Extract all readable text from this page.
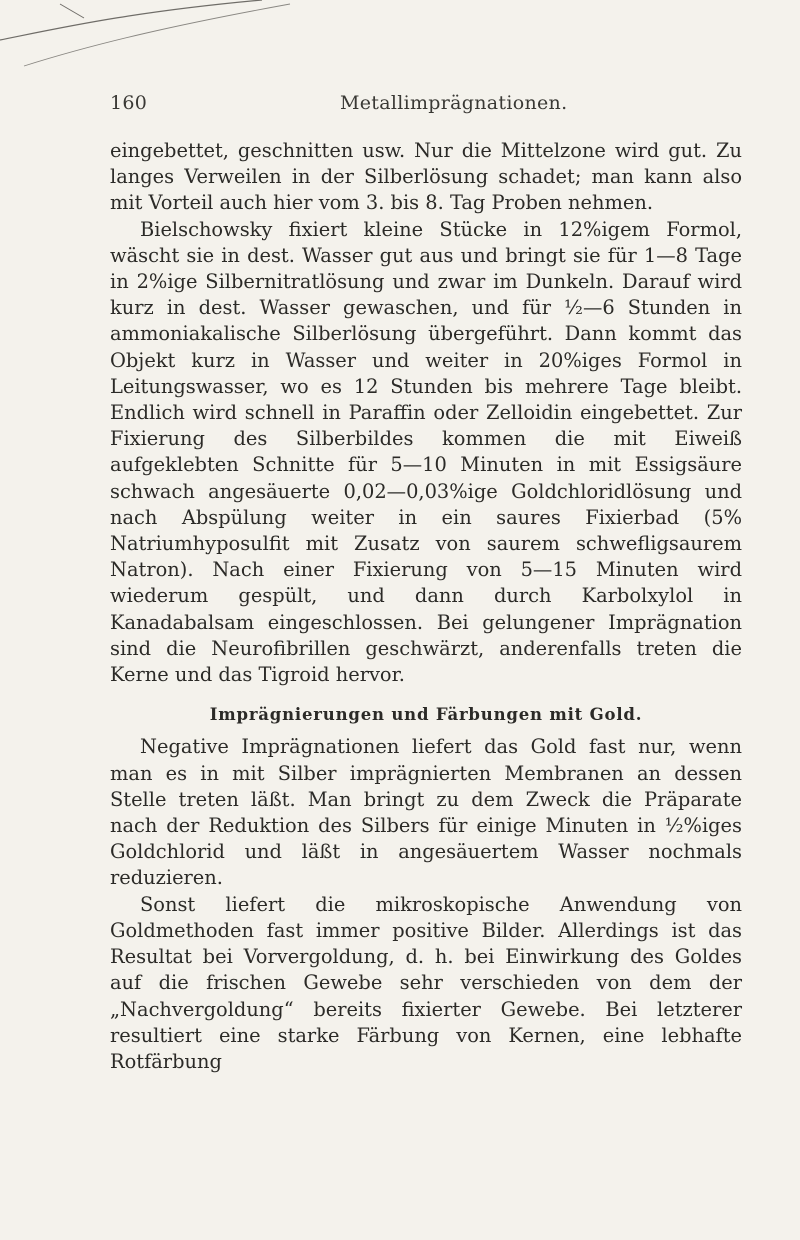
160	Metallimprägnationen.

eingebettet, geschnitten usw. Nur die Mittelzone wird gut. Zu langes Verweilen in der Silberlösung schadet; man kann also mit Vorteil auch hier vom 3. bis 8. Tag Proben nehmen.

Bielschowsky fixiert kleine Stücke in 12%igem Formol, wäscht sie in dest. Wasser gut aus und bringt sie für 1—8 Tage in 2%ige Silbernitratlösung und zwar im Dunkeln. Darauf wird kurz in dest. Wasser gewaschen, und für ½—6 Stunden in ammoniakalische Silberlösung übergeführt. Dann kommt das Objekt kurz in Wasser und weiter in 20%iges Formol in Leitungswasser, wo es 12 Stunden bis mehrere Tage bleibt. Endlich wird schnell in Paraffin oder Zelloidin eingebettet. Zur Fixierung des Silberbildes kommen die mit Eiweiß aufgeklebten Schnitte für 5—10 Minuten in mit Essigsäure schwach angesäuerte 0,02—0,03%ige Goldchloridlösung und nach Abspülung weiter in ein saures Fixierbad (5% Natriumhyposulfit mit Zusatz von saurem schwefligsaurem Natron). Nach einer Fixierung von 5—15 Minuten wird wiederum gespült, und dann durch Karbolxylol in Kanadabalsam eingeschlossen. Bei gelungener Imprägnation sind die Neurofibrillen geschwärzt, anderenfalls treten die Kerne und das Tigroid hervor.

Imprägnierungen und Färbungen mit Gold.

Negative Imprägnationen liefert das Gold fast nur, wenn man es in mit Silber imprägnierten Membranen an dessen Stelle treten läßt. Man bringt zu dem Zweck die Präparate nach der Reduktion des Silbers für einige Minuten in ½%iges Goldchlorid und läßt in angesäuertem Wasser nochmals reduzieren.

Sonst liefert die mikroskopische Anwendung von Goldmethoden fast immer positive Bilder. Allerdings ist das Resultat bei Vorvergoldung, d. h. bei Einwirkung des Goldes auf die frischen Gewebe sehr verschieden von dem der „Nachvergoldung“ bereits fixierter Gewebe. Bei letzterer resultiert eine starke Färbung von Kernen, eine lebhafte Rotfärbung
